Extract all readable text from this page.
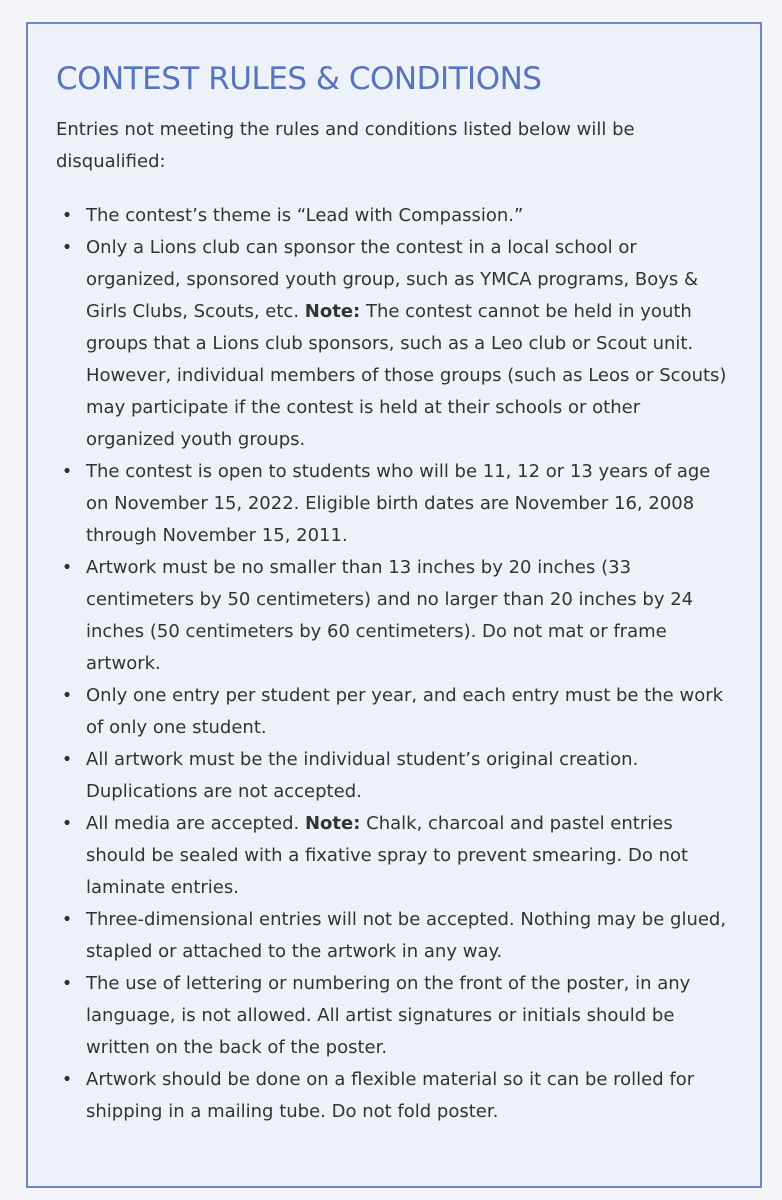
CONTEST RULES & CONDITIONS

Entries not meeting the rules and conditions listed below will be disqualified:

• The contest’s theme is “Lead with Compassion.”
• Only a Lions club can sponsor the contest in a local school or organized, sponsored youth group, such as YMCA programs, Boys & Girls Clubs, Scouts, etc. Note: The contest cannot be held in youth groups that a Lions club sponsors, such as a Leo club or Scout unit. However, individual members of those groups (such as Leos or Scouts) may participate if the contest is held at their schools or other organized youth groups.
• The contest is open to students who will be 11, 12 or 13 years of age on November 15, 2022. Eligible birth dates are November 16, 2008 through November 15, 2011.
• Artwork must be no smaller than 13 inches by 20 inches (33 centimeters by 50 centimeters) and no larger than 20 inches by 24 inches (50 centimeters by 60 centimeters). Do not mat or frame artwork.
• Only one entry per student per year, and each entry must be the work of only one student.
• All artwork must be the individual student’s original creation. Duplications are not accepted.
• All media are accepted. Note: Chalk, charcoal and pastel entries should be sealed with a fixative spray to prevent smearing. Do not laminate entries.
• Three-dimensional entries will not be accepted. Nothing may be glued, stapled or attached to the artwork in any way.
• The use of lettering or numbering on the front of the poster, in any language, is not allowed. All artist signatures or initials should be written on the back of the poster.
• Artwork should be done on a flexible material so it can be rolled for shipping in a mailing tube. Do not fold poster.
